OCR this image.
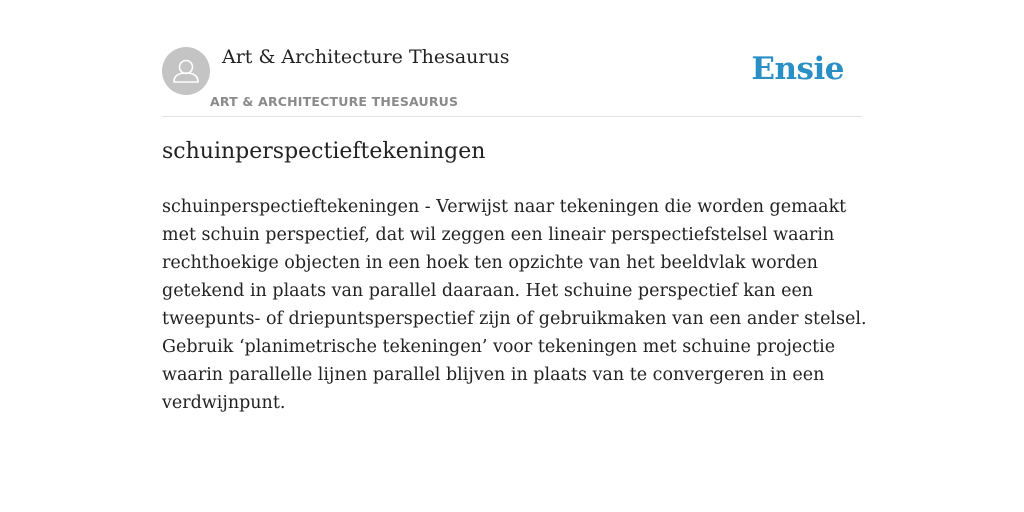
Art & Architecture Thesaurus
ART & ARCHITECTURE THESAURUS
Ensie
schuinperspectieftekeningen

schuinperspectieftekeningen - Verwijst naar tekeningen die worden gemaakt met schuin perspectief, dat wil zeggen een lineair perspectiefstelsel waarin rechthoekige objecten in een hoek ten opzichte van het beeldvlak worden getekend in plaats van parallel daaraan. Het schuine perspectief kan een tweepunts- of driepuntsperspectief zijn of gebruikmaken van een ander stelsel. Gebruik ‘planimetrische tekeningen’ voor tekeningen met schuine projectie waarin parallelle lijnen parallel blijven in plaats van te convergeren in een verdwijnpunt.
